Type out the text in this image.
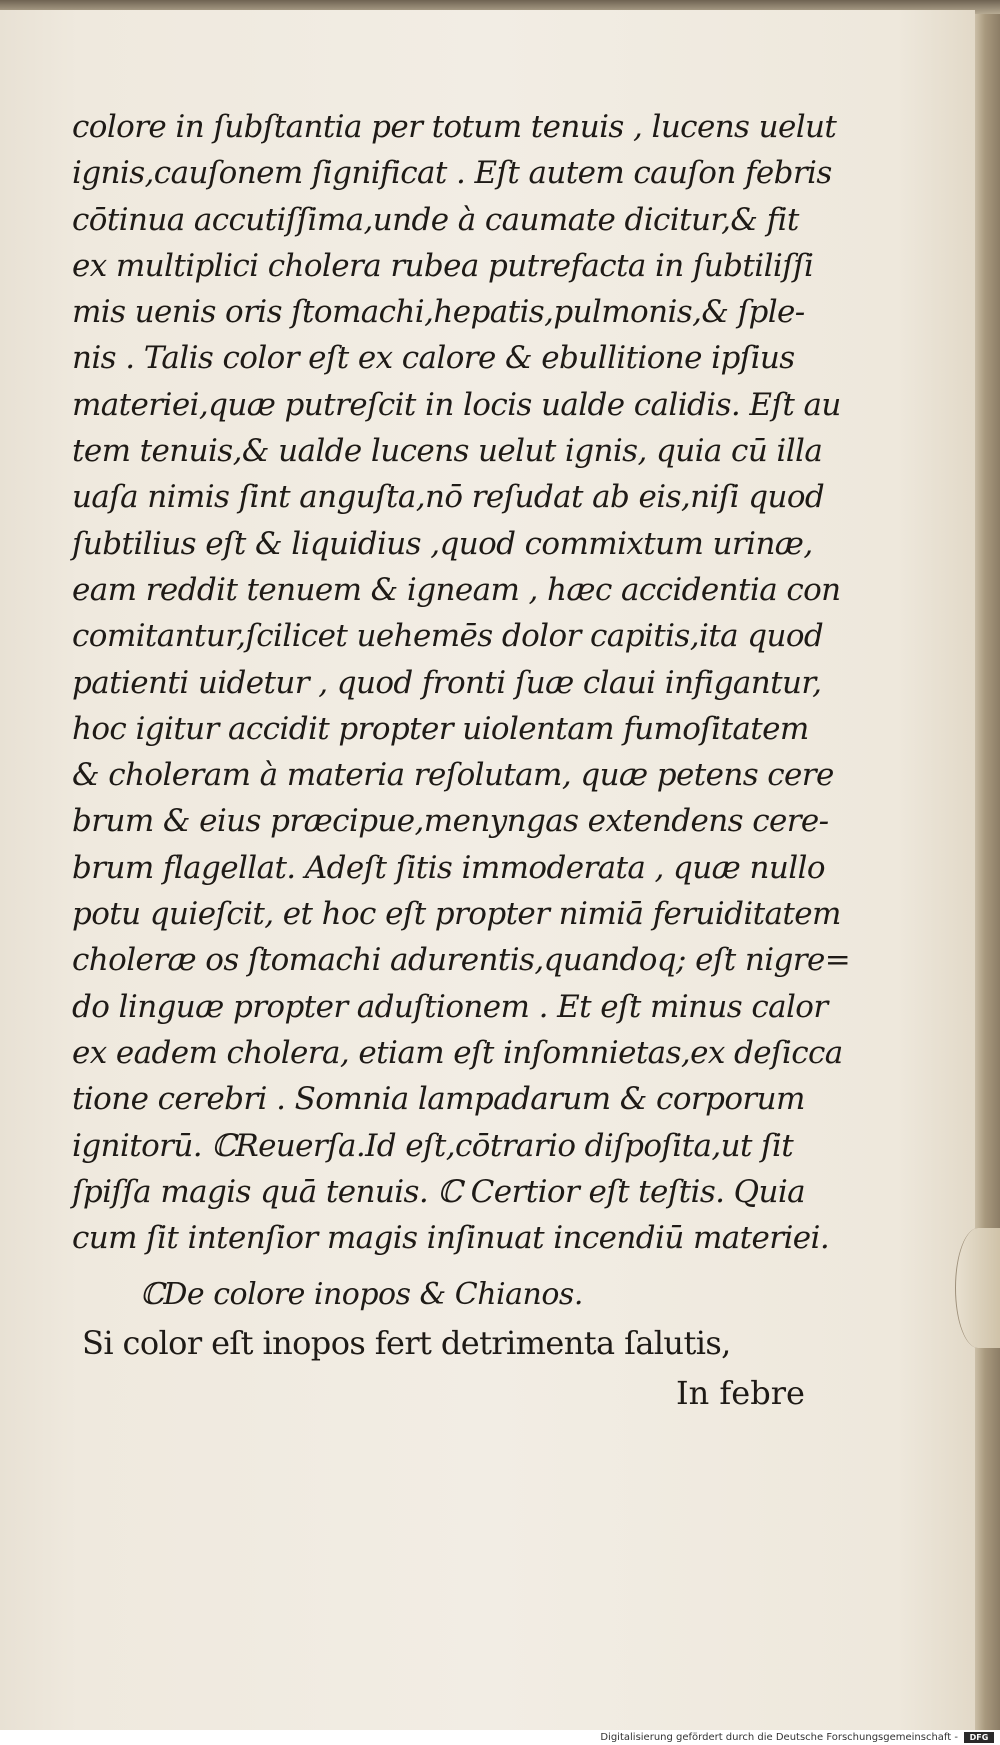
colore in ſubſtantia per totum tenuis , lucens uelut
ignis,cauſonem ſignificat . Eſt autem cauſon febris
cōtinua accutiſſima,unde à caumate dicitur,& fit
ex multiplici cholera rubea putrefacta in ſubtiliſſi
mis uenis oris ſtomachi,hepatis,pulmonis,& ſple-
nis . Talis color eſt ex calore & ebullitione ipſius
materiei,quæ putreſcit in locis ualde calidis. Eſt au
tem tenuis,& ualde lucens uelut ignis, quia cū illa
uaſa nimis ſint anguſta,nō reſudat ab eis,niſi quod
ſubtilius eſt & liquidius ,quod commixtum urinæ,
eam reddit tenuem & igneam , hæc accidentia con
comitantur,ſcilicet uehemēs dolor capitis,ita quod
patienti uidetur , quod fronti ſuæ claui infigantur,
hoc igitur accidit propter uiolentam fumoſitatem
& choleram à materia reſolutam, quæ petens cere
brum & eius præcipue,menyngas extendens cere-
brum flagellat. Adeſt ſitis immoderata , quæ nullo
potu quieſcit, et hoc eſt propter nimiā feruiditatem
choleræ os ſtomachi adurentis,quandoq; eſt nigre=
do linguæ propter aduſtionem . Et eſt minus calor
ex eadem cholera, etiam eſt inſomnietas,ex deſicca
tione cerebri . Somnia lampadarum & corporum
ignitorū. ℂReuerſa.Id eſt,cōtrario diſpoſita,ut ſit
ſpiſſa magis quā tenuis. ℂ Certior eſt teſtis. Quia
cum ſit intenſior magis inſinuat incendiū materiei.
ℂDe colore inopos & Chianos.
Si color eſt inopos fert detrimenta ſalutis,
In febre
Digitalisierung gefördert durch die Deutsche Forschungsgemeinschaft -	DFG
